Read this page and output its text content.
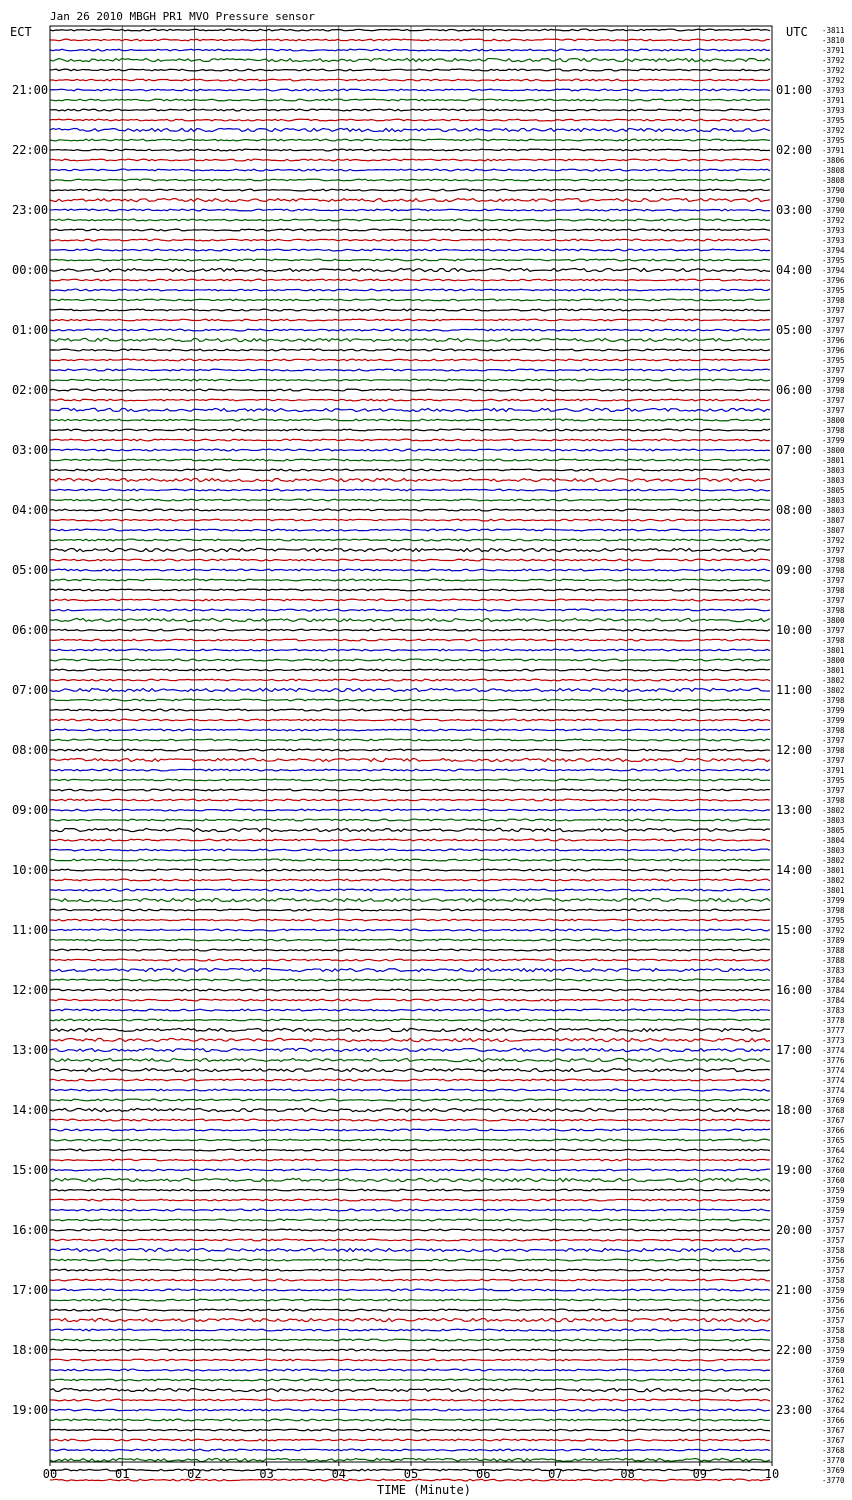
Jan 26 2010 MBGH PR1 MVO Pressure sensor
ECT	UTC
TIME (Minute)
21:00
22:00
23:00
00:00
01:00
02:00
03:00
04:00
05:00
06:00
07:00
08:00
09:00
10:00
11:00
12:00
13:00
14:00
15:00
16:00
17:00
18:00
19:00
01:00
02:00
03:00
04:00
05:00
06:00
07:00
08:00
09:00
10:00
11:00
12:00
13:00
14:00
15:00
16:00
17:00
18:00
19:00
20:00
21:00
22:00
23:00
-3811
-3810
-3791
-3792
-3792
-3792
-3793
-3791
-3793
-3795
-3792
-3795
-3791
-3806
-3808
-3808
-3790
-3790
-3790
-3792
-3793
-3793
-3794
-3795
-3794
-3796
-3795
-3798
-3797
-3797
-3797
-3796
-3796
-3795
-3797
-3799
-3798
-3797
-3797
-3800
-3798
-3799
-3800
-3801
-3803
-3803
-3805
-3803
-3803
-3807
-3807
-3792
-3797
-3798
-3798
-3797
-3798
-3797
-3798
-3800
-3797
-3798
-3801
-3800
-3801
-3802
-3802
-3798
-3799
-3799
-3798
-3797
-3798
-3797
-3791
-3795
-3797
-3798
-3802
-3803
-3805
-3804
-3803
-3802
-3801
-3802
-3801
-3799
-3798
-3795
-3792
-3789
-3788
-3788
-3783
-3784
-3784
-3784
-3783
-3778
-3777
-3773
-3774
-3776
-3774
-3774
-3774
-3769
-3768
-3767
-3766
-3765
-3764
-3762
-3760
-3760
-3759
-3759
-3759
-3757
-3757
-3757
-3758
-3756
-3757
-3758
-3759
-3756
-3756
-3757
-3758
-3758
-3759
-3759
-3760
-3761
-3762
-3762
-3764
-3766
-3767
-3767
-3768
-3770
-3769
-3770
00	01	02	03	04	05	06	07	08	09	10
